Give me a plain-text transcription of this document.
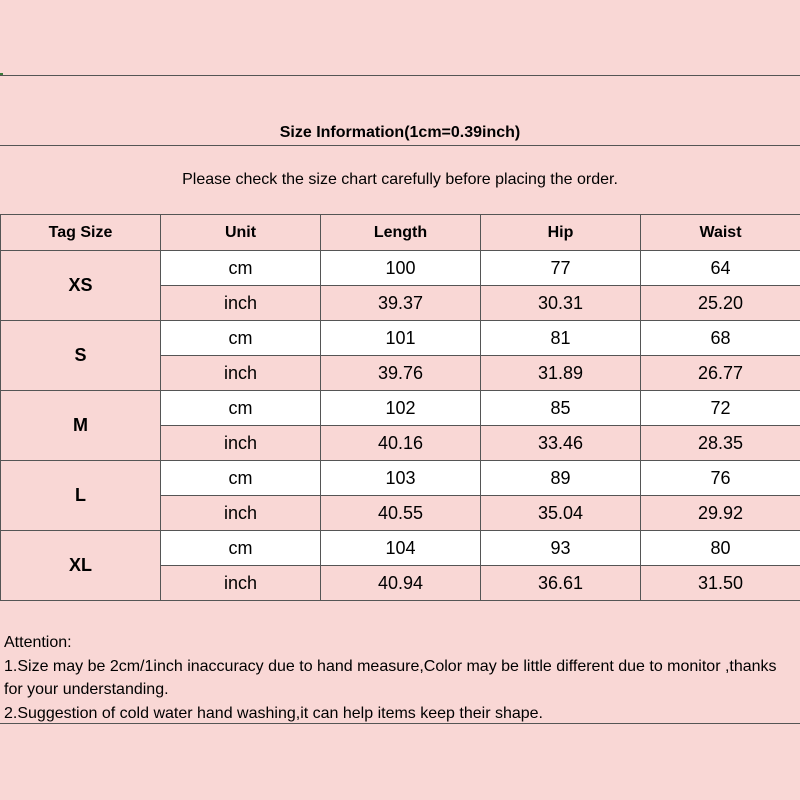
Size Information(1cm=0.39inch)
Please check the size chart carefully before placing the order.
Tag Size	Unit	Length	Hip	Waist
XS	cm	100	77	64
	inch	39.37	30.31	25.20
S	cm	101	81	68
	inch	39.76	31.89	26.77
M	cm	102	85	72
	inch	40.16	33.46	28.35
L	cm	103	89	76
	inch	40.55	35.04	29.92
XL	cm	104	93	80
	inch	40.94	36.61	31.50
Attention:
1.Size may be 2cm/1inch inaccuracy due to hand measure,Color may be little different due to monitor ,thanks for your understanding.
2.Suggestion of cold water hand washing,it can help items keep their shape.
